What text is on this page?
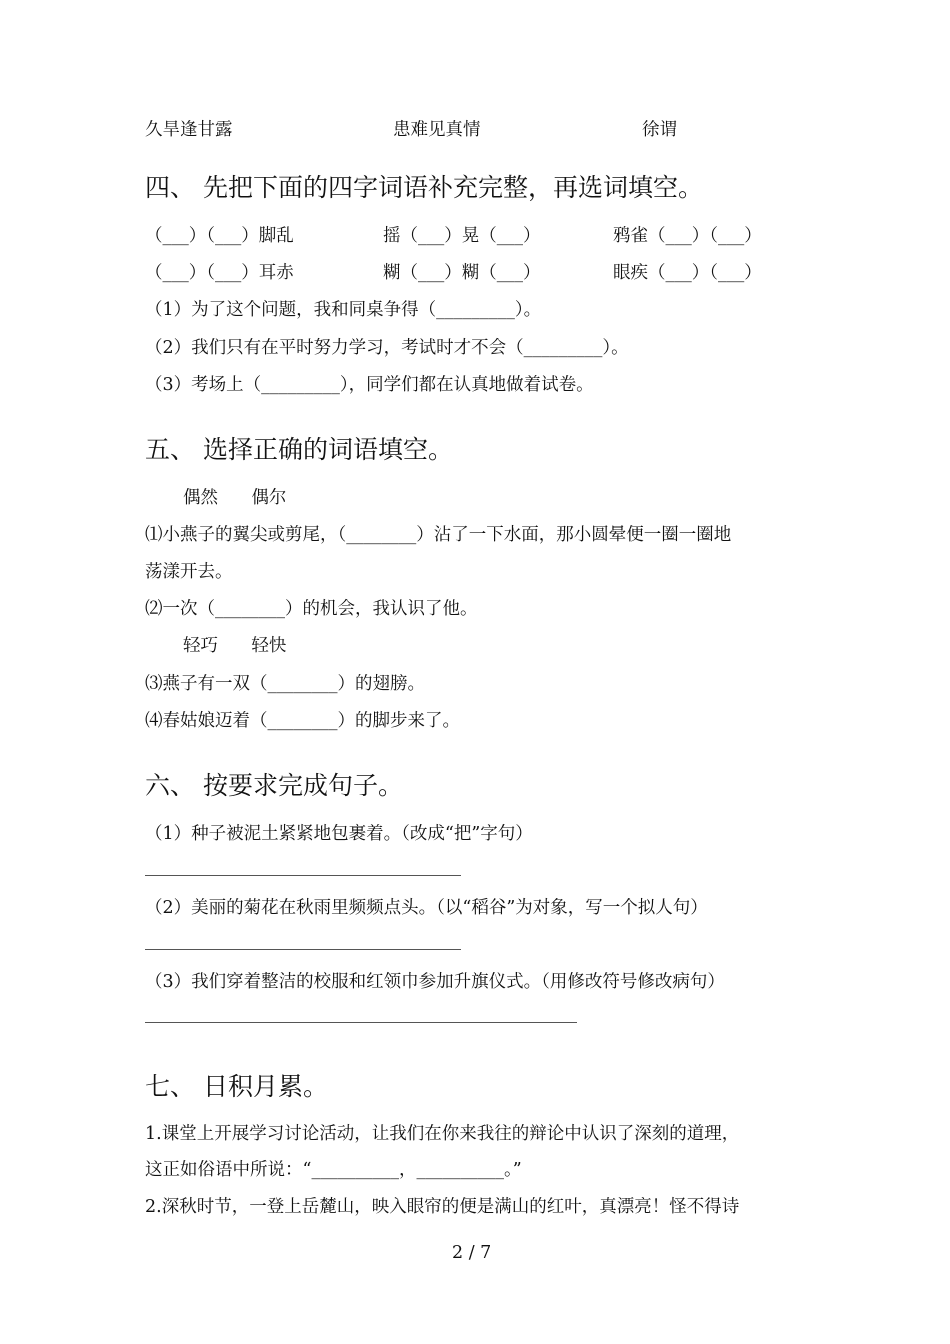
久旱逢甘露	患难见真情	徐谓
四、 先把下面的四字词语补充完整，再选词填空。
（___）（___）脚乱	摇（___）晃（___）	鸦雀（___）（___）
（___）（___）耳赤	糊（___）糊（___）	眼疾（___）（___）
（1）为了这个问题，我和同桌争得（_________）。
（2）我们只有在平时努力学习，考试时才不会（_________）。
（3）考场上（_________），同学们都在认真地做着试卷。
五、 选择正确的词语填空。
偶然      偶尔
⑴小燕子的翼尖或剪尾，（________）沾了一下水面，那小圆晕便一圈一圈地
荡漾开去。
⑵一次（________）的机会，我认识了他。
轻巧      轻快
⑶燕子有一双（________）的翅膀。
⑷春姑娘迈着（________）的脚步来了。
六、 按要求完成句子。
（1）种子被泥土紧紧地包裹着。（改成“把”字句）
（2）美丽的菊花在秋雨里频频点头。（以“稻谷”为对象，写一个拟人句）
（3）我们穿着整洁的校服和红领巾参加升旗仪式。（用修改符号修改病句）
七、 日积月累。
1.课堂上开展学习讨论活动，让我们在你来我往的辩论中认识了深刻的道理，
这正如俗语中所说：“__________，__________。”
2.深秋时节，一登上岳麓山，映入眼帘的便是满山的红叶，真漂亮！怪不得诗
2 / 7
